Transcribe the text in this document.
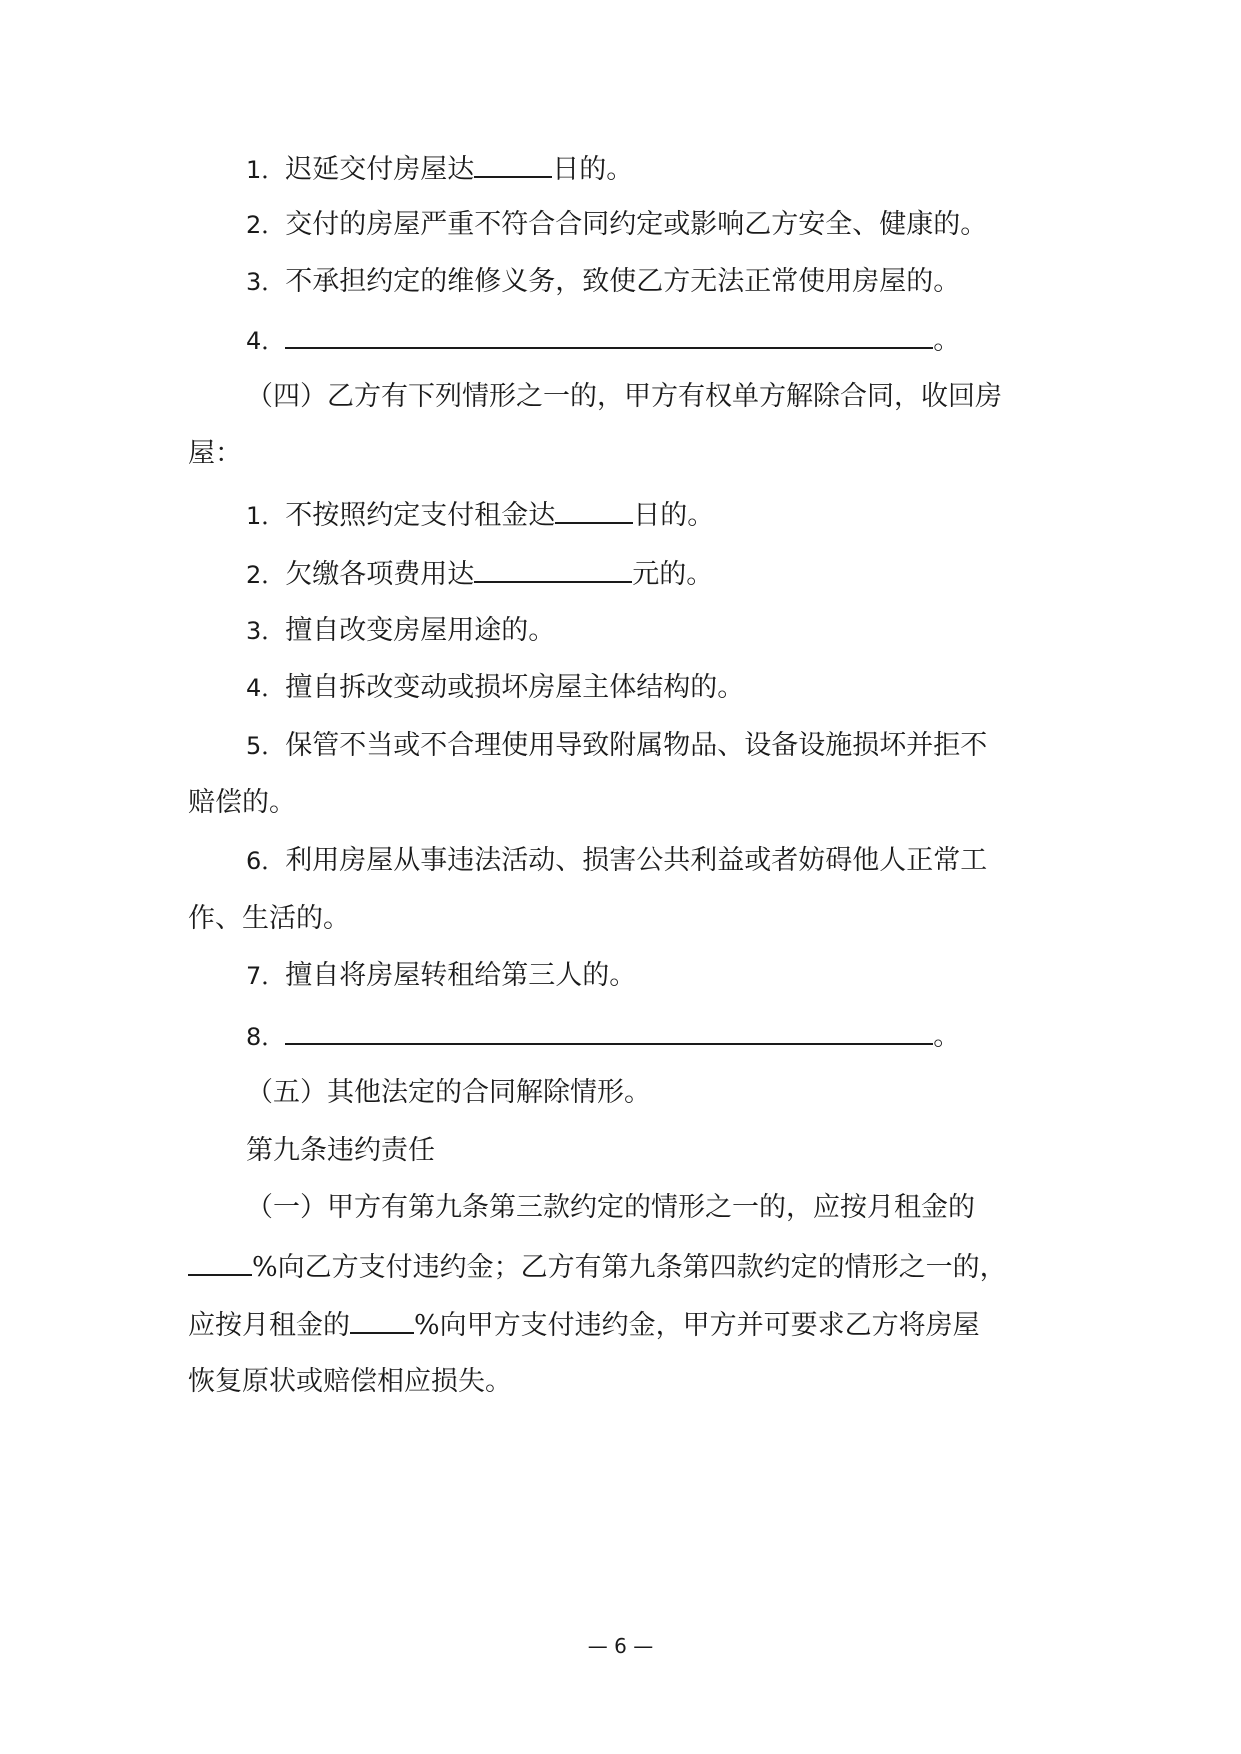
1．迟延交付房屋达	日的。
2．交付的房屋严重不符合合同约定或影响乙方安全、健康的。
3．不承担约定的维修义务，致使乙方无法正常使用房屋的。
4．	。
（四）乙方有下列情形之一的，甲方有权单方解除合同，收回房
屋：
1．不按照约定支付租金达	日的。
2．欠缴各项费用达	元的。
3．擅自改变房屋用途的。
4．擅自拆改变动或损坏房屋主体结构的。
5．保管不当或不合理使用导致附属物品、设备设施损坏并拒不
赔偿的。
6．利用房屋从事违法活动、损害公共利益或者妨碍他人正常工
作、生活的。
7．擅自将房屋转租给第三人的。
8．	。
（五）其他法定的合同解除情形。
第九条违约责任
（一）甲方有第九条第三款约定的情形之一的，应按月租金的
%向乙方支付违约金；乙方有第九条第四款约定的情形之一的，
应按月租金的 %向甲方支付违约金，甲方并可要求乙方将房屋
恢复原状或赔偿相应损失。
— 6 —
